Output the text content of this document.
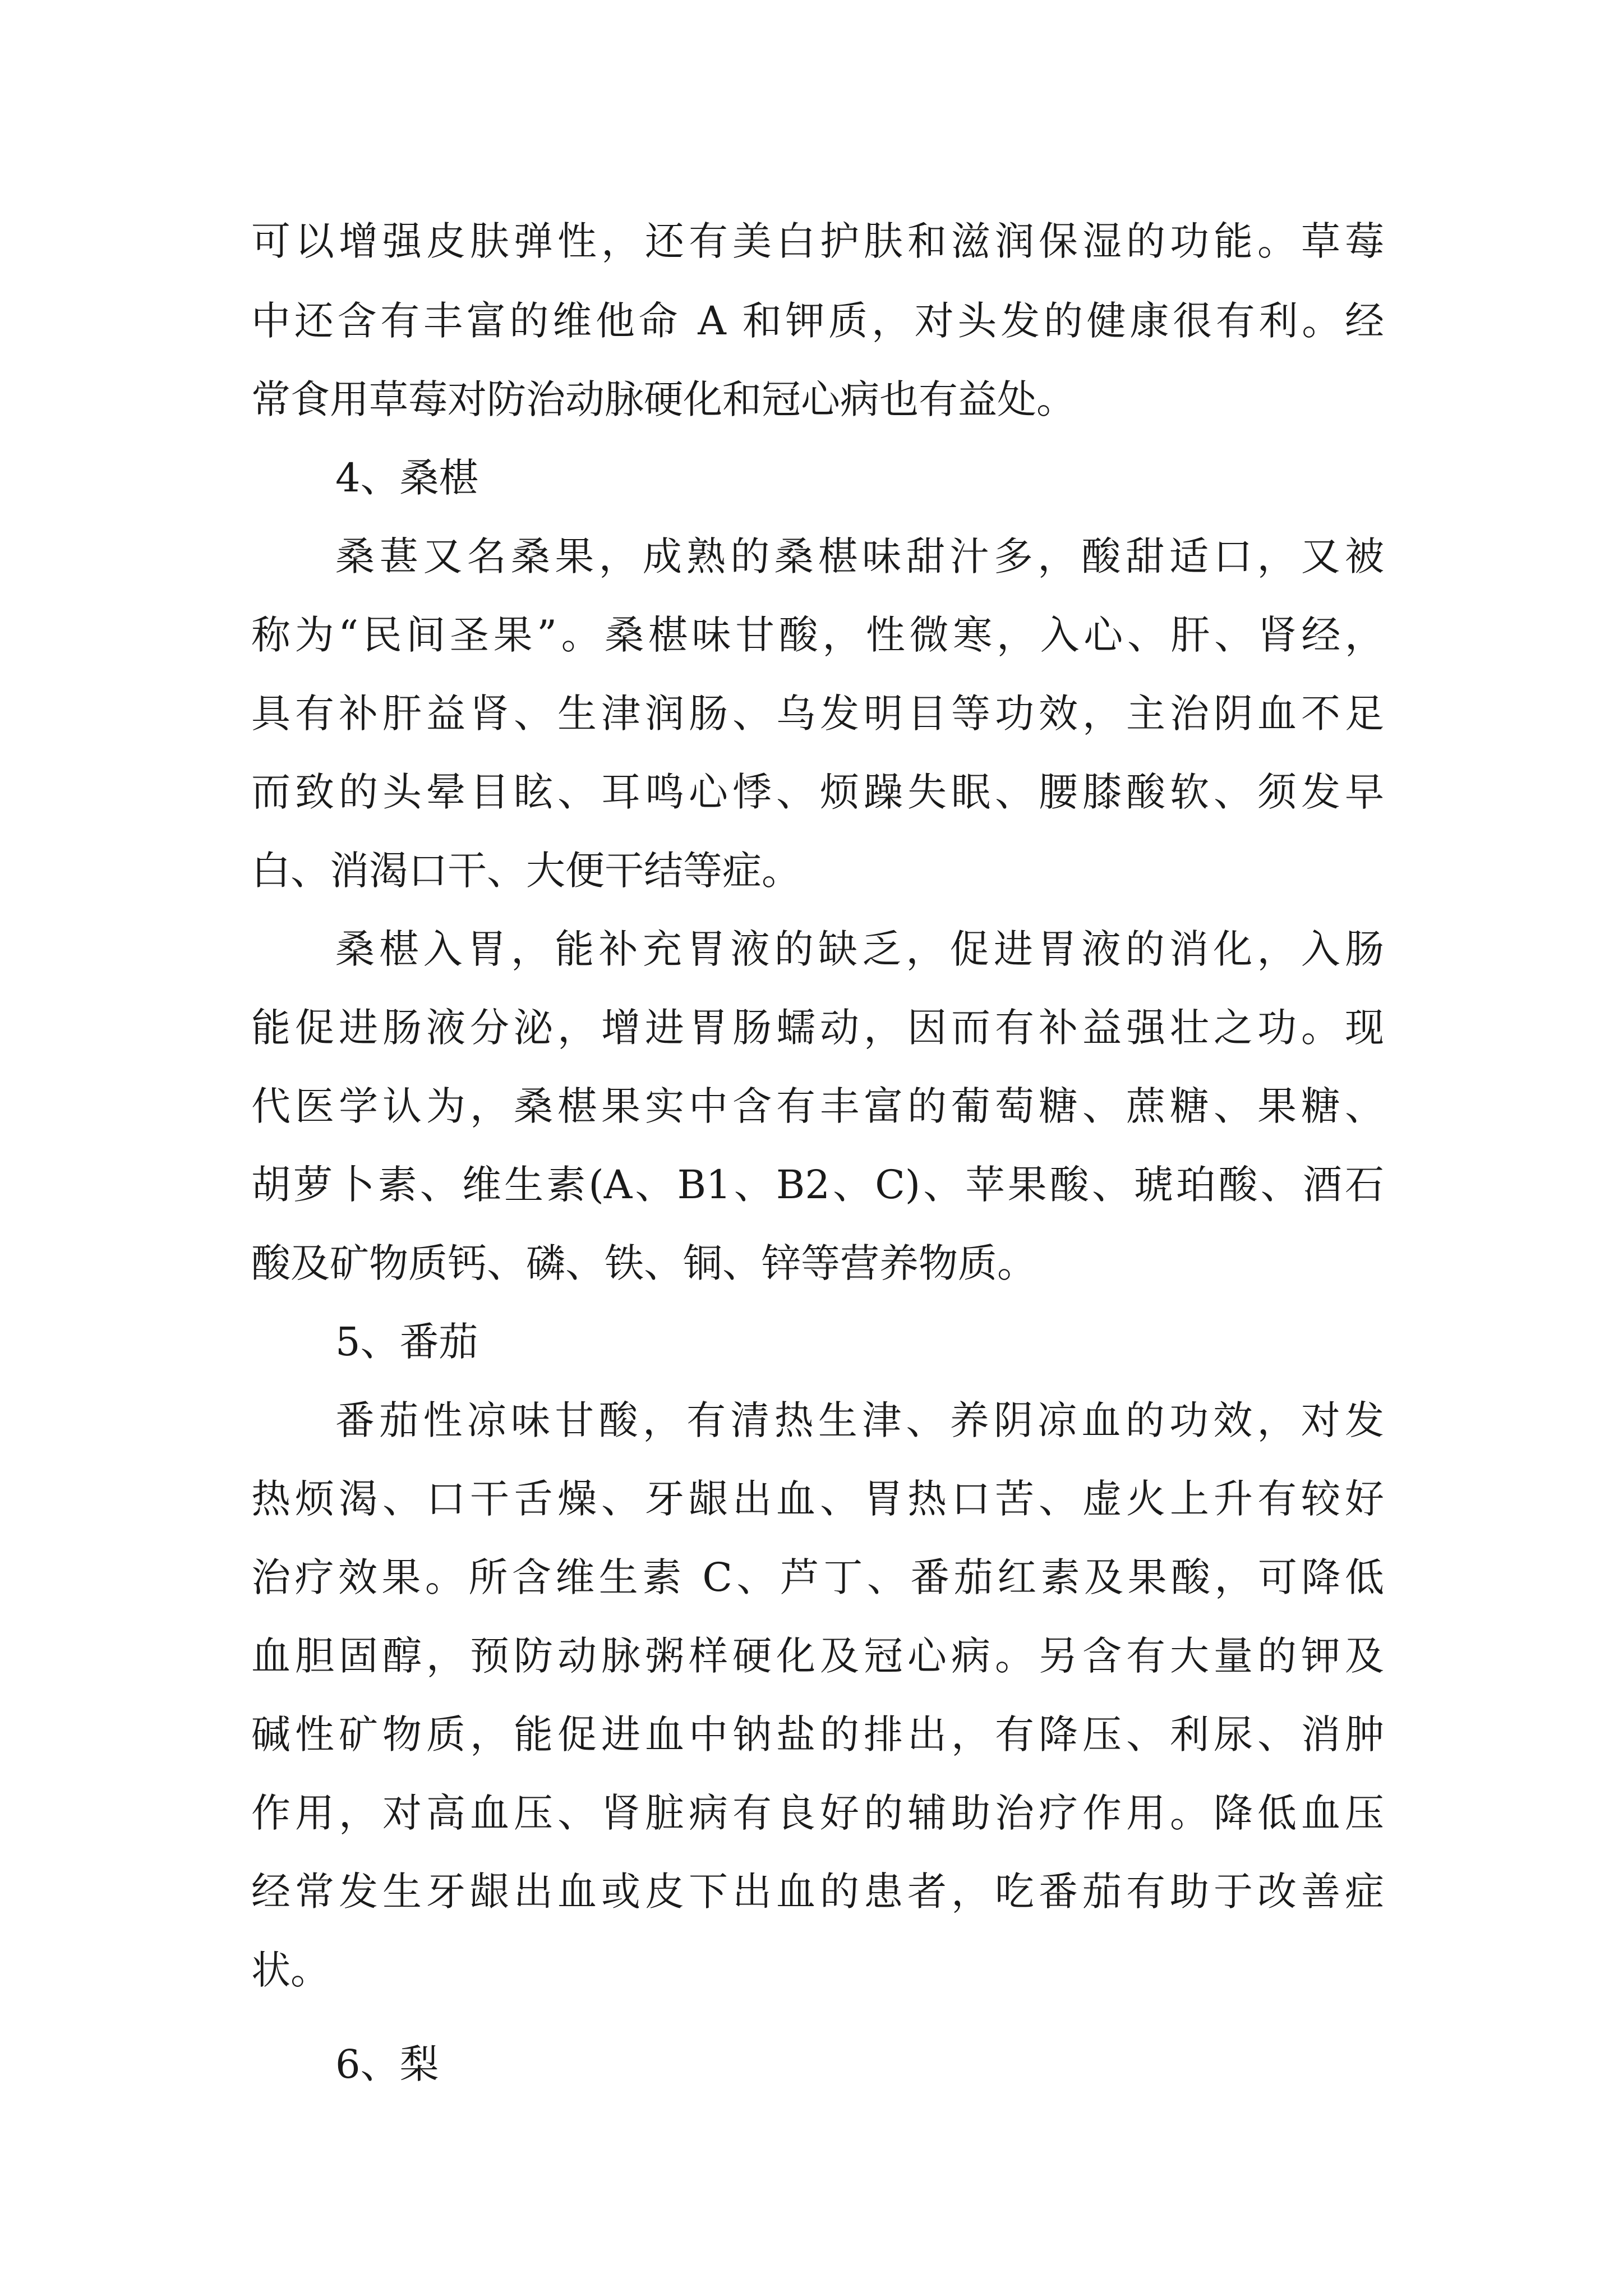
可以增强皮肤弹性，还有美白护肤和滋润保湿的功能。草莓
中还含有丰富的维他命 A 和钾质，对头发的健康很有利。经
常食用草莓对防治动脉硬化和冠心病也有益处。
4、桑椹
桑葚又名桑果，成熟的桑椹味甜汁多，酸甜适口，又被
称为“民间圣果”。桑椹味甘酸，性微寒，入心、肝、肾经，
具有补肝益肾、生津润肠、乌发明目等功效，主治阴血不足
而致的头晕目眩、耳鸣心悸、烦躁失眠、腰膝酸软、须发早
白、消渴口干、大便干结等症。
桑椹入胃，能补充胃液的缺乏，促进胃液的消化，入肠
能促进肠液分泌，增进胃肠蠕动，因而有补益强壮之功。现
代医学认为，桑椹果实中含有丰富的葡萄糖、蔗糖、果糖、
胡萝卜素、维生素(A、B1、B2、C)、苹果酸、琥珀酸、酒石
酸及矿物质钙、磷、铁、铜、锌等营养物质。
5、番茄
番茄性凉味甘酸，有清热生津、养阴凉血的功效，对发
热烦渴、口干舌燥、牙龈出血、胃热口苦、虚火上升有较好
治疗效果。所含维生素 C、芦丁、番茄红素及果酸，可降低
血胆固醇，预防动脉粥样硬化及冠心病。另含有大量的钾及
碱性矿物质，能促进血中钠盐的排出，有降压、利尿、消肿
作用，对高血压、肾脏病有良好的辅助治疗作用。降低血压
经常发生牙龈出血或皮下出血的患者，吃番茄有助于改善症
状。
6、梨
